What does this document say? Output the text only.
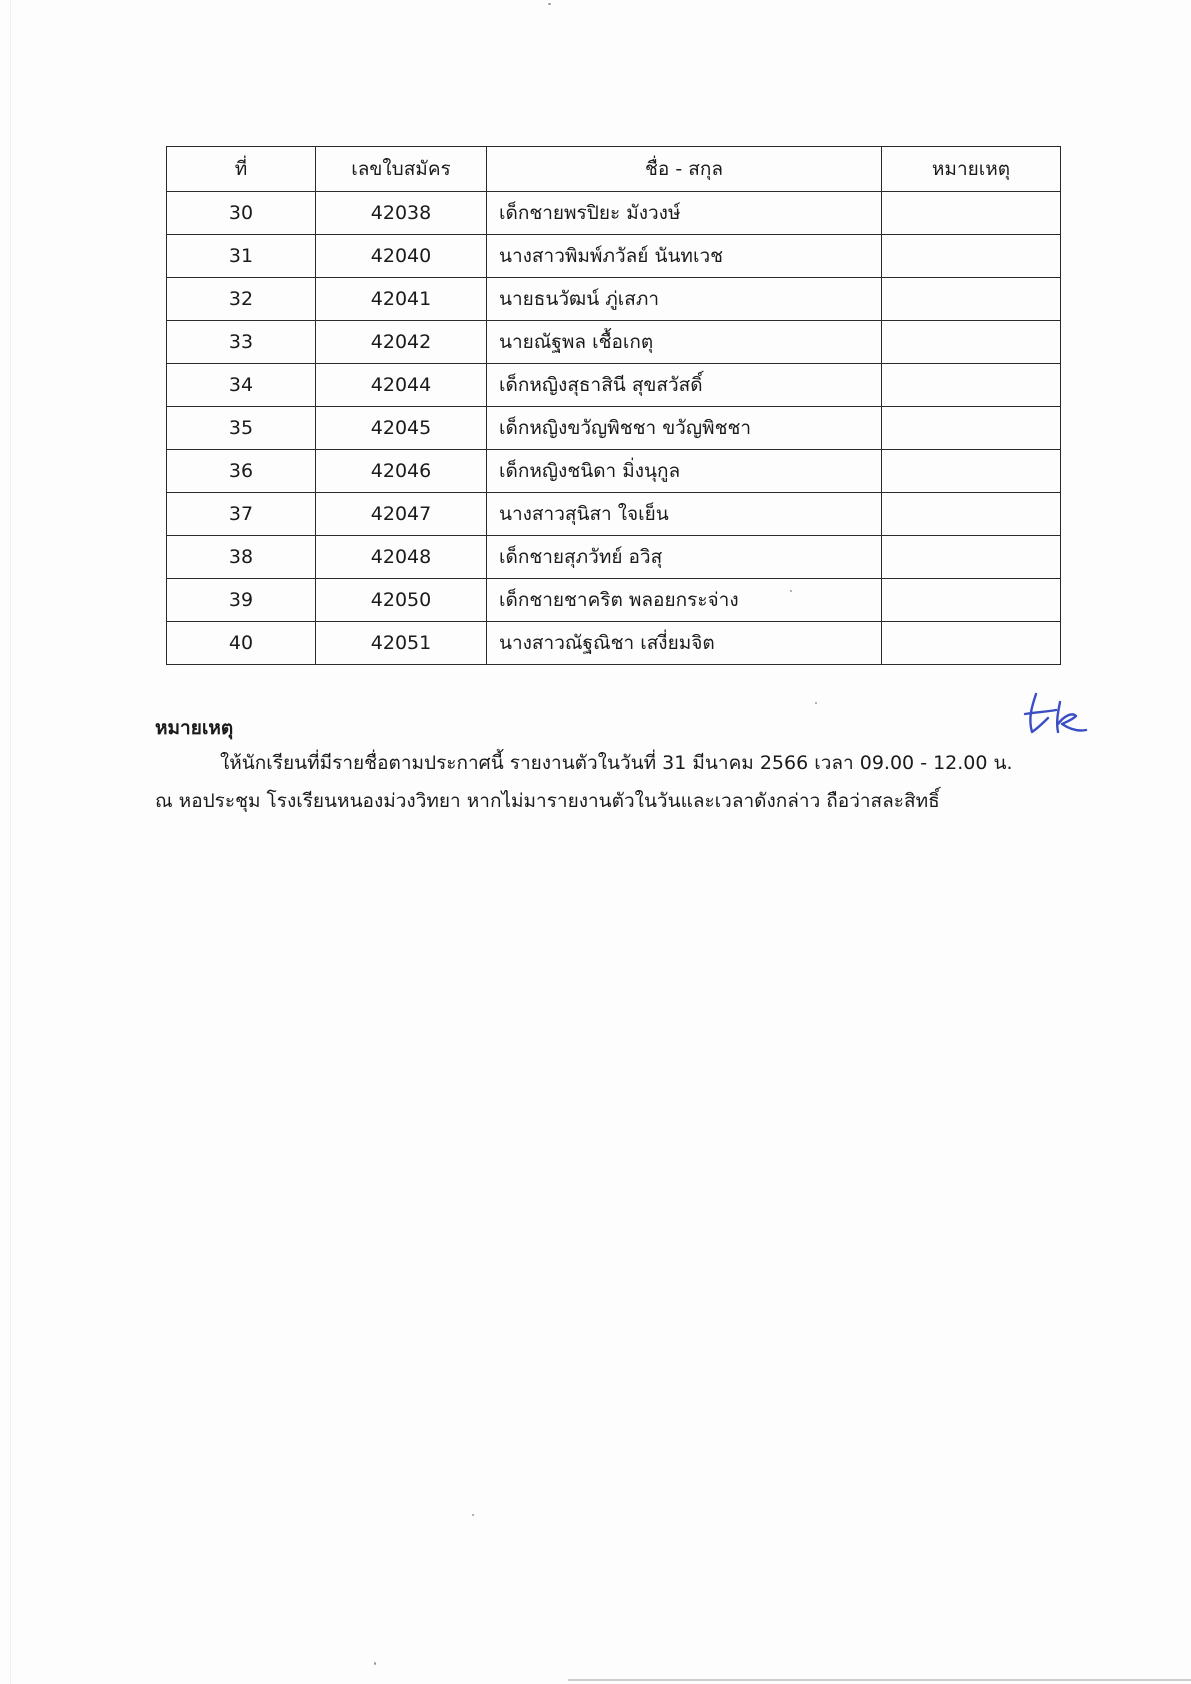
ที่	เลขใบสมัคร	ชื่อ - สกุล	หมายเหตุ
30	42038	เด็กชายพรปิยะ มังวงษ์	
31	42040	นางสาวพิมพ์ภวัลย์ นันทเวช	
32	42041	นายธนวัฒน์ ภู่เสภา	
33	42042	นายณัฐพล เชื้อเกตุ	
34	42044	เด็กหญิงสุธาสินี สุขสวัสดิ์	
35	42045	เด็กหญิงขวัญพิชชา ขวัญพิชชา	
36	42046	เด็กหญิงชนิดา มิ่งนุกูล	
37	42047	นางสาวสุนิสา ใจเย็น	
38	42048	เด็กชายสุภวัทย์ อวิสุ	
39	42050	เด็กชายชาคริต พลอยกระจ่าง	
40	42051	นางสาวณัฐณิชา เสงี่ยมจิต	
หมายเหตุ
ให้นักเรียนที่มีรายชื่อตามประกาศนี้ รายงานตัวในวันที่ 31 มีนาคม 2566 เวลา 09.00 - 12.00 น.
ณ หอประชุม โรงเรียนหนองม่วงวิทยา หากไม่มารายงานตัวในวันและเวลาดังกล่าว ถือว่าสละสิทธิ์
